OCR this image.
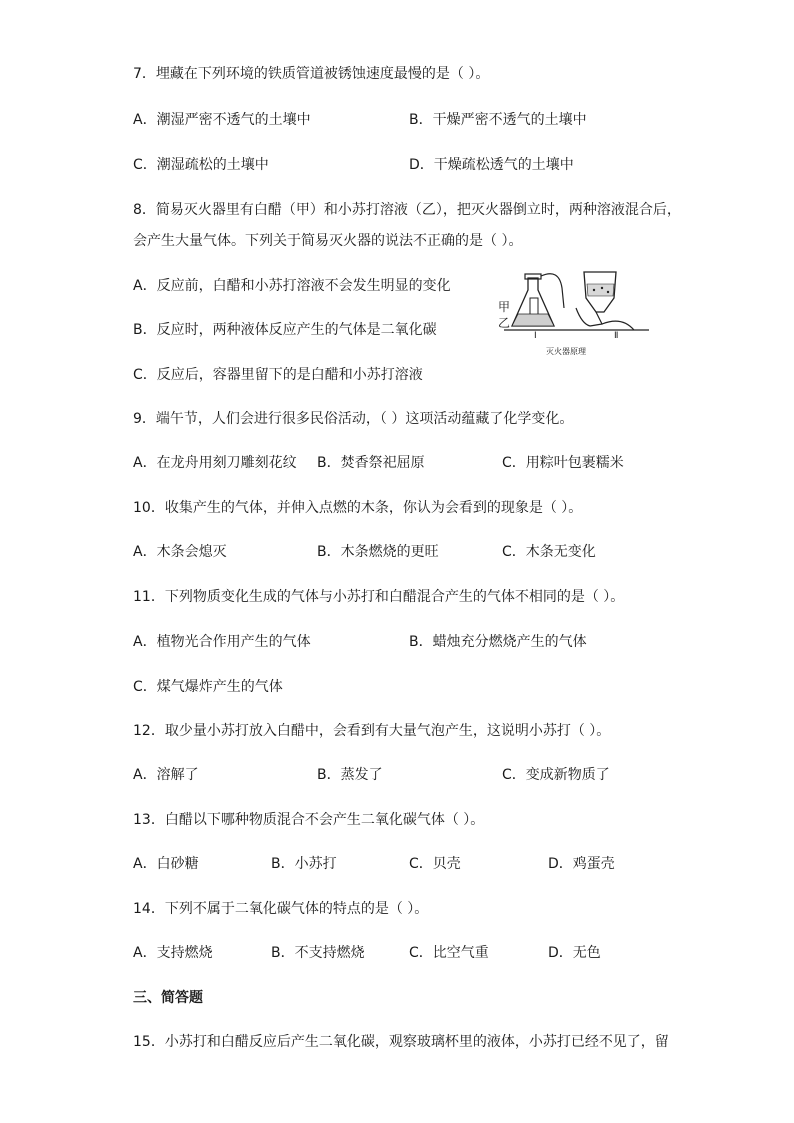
7．埋藏在下列环境的铁质管道被锈蚀速度最慢的是（ ）。
A．潮湿严密不透气的土壤中	B．干燥严密不透气的土壤中
C．潮湿疏松的土壤中	D．干燥疏松透气的土壤中
8．简易灭火器里有白醋（甲）和小苏打溶液（乙），把灭火器倒立时，两种溶液混合后，
会产生大量气体。下列关于简易灭火器的说法不正确的是（ ）。
A．反应前，白醋和小苏打溶液不会发生明显的变化
B．反应时，两种液体反应产生的气体是二氧化碳
C．反应后，容器里留下的是白醋和小苏打溶液
甲
乙
Ⅰ	Ⅱ
灭火器原理
9．端午节，人们会进行很多民俗活动，（ ）这项活动蕴藏了化学变化。
A．在龙舟用刻刀雕刻花纹 B．焚香祭祀屈原	C．用粽叶包裹糯米
10．收集产生的气体，并伸入点燃的木条，你认为会看到的现象是（ ）。
A．木条会熄灭	B．木条燃烧的更旺	C．木条无变化
11．下列物质变化生成的气体与小苏打和白醋混合产生的气体不相同的是（ ）。
A．植物光合作用产生的气体	B．蜡烛充分燃烧产生的气体
C．煤气爆炸产生的气体
12．取少量小苏打放入白醋中，会看到有大量气泡产生，这说明小苏打（ ）。
A．溶解了	B．蒸发了	C．变成新物质了
13．白醋以下哪种物质混合不会产生二氧化碳气体（ ）。
A．白砂糖	B．小苏打	C．贝壳	D．鸡蛋壳
14．下列不属于二氧化碳气体的特点的是（ ）。
A．支持燃烧	B．不支持燃烧	C．比空气重	D．无色
三、简答题
15．小苏打和白醋反应后产生二氧化碳，观察玻璃杯里的液体，小苏打已经不见了，留
